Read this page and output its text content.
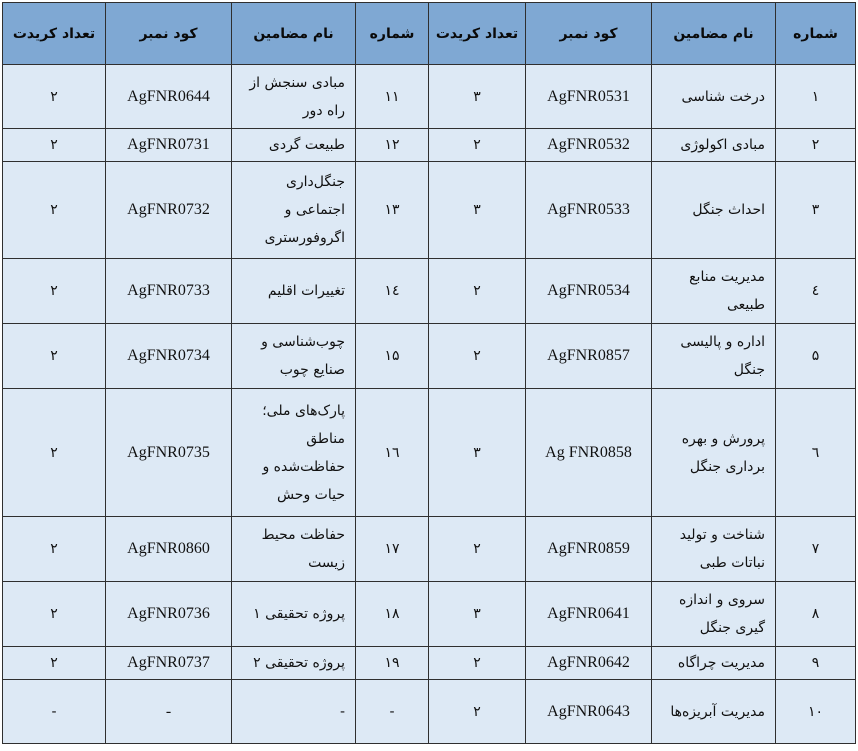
شماره	نام مضامین	کود نمبر	تعداد کریدت	شماره	نام مضامین	کود نمبر	تعداد کریدت
۱	درخت شناسی	AgFNR0531	۳	۱۱	مبادی سنجش از راه دور	AgFNR0644	۲
۲	مبادی اکولوژی	AgFNR0532	۲	۱۲	طبیعت گردی	AgFNR0731	۲
۳	احداث جنگل	AgFNR0533	۳	۱۳	جنگل‌داری اجتماعی و اگروفورستری	AgFNR0732	۲
٤	مدیریت منابع طبیعی	AgFNR0534	۲	۱٤	تغییرات اقلیم	AgFNR0733	۲
۵	اداره و پالیسی جنگل	AgFNR0857	۲	۱۵	چوب‌شناسی و صنایع چوب	AgFNR0734	۲
٦	پرورش و بهره برداری جنگل	Ag FNR0858	۳	۱٦	پارک‌های ملی؛ مناطق حفاظت‌شده و حیات وحش	AgFNR0735	۲
۷	شناخت و تولید نباتات طبی	AgFNR0859	۲	۱۷	حفاظت محیط زیست	AgFNR0860	۲
۸	سروی و اندازه گیری جنگل	AgFNR0641	۳	۱۸	پروژه تحقیقی ۱	AgFNR0736	۲
۹	مدیریت چراگاه	AgFNR0642	۲	۱۹	پروژه تحقیقی ۲	AgFNR0737	۲
۱۰	مدیریت آبریزه‌ها	AgFNR0643	۲	-	-	-	-
